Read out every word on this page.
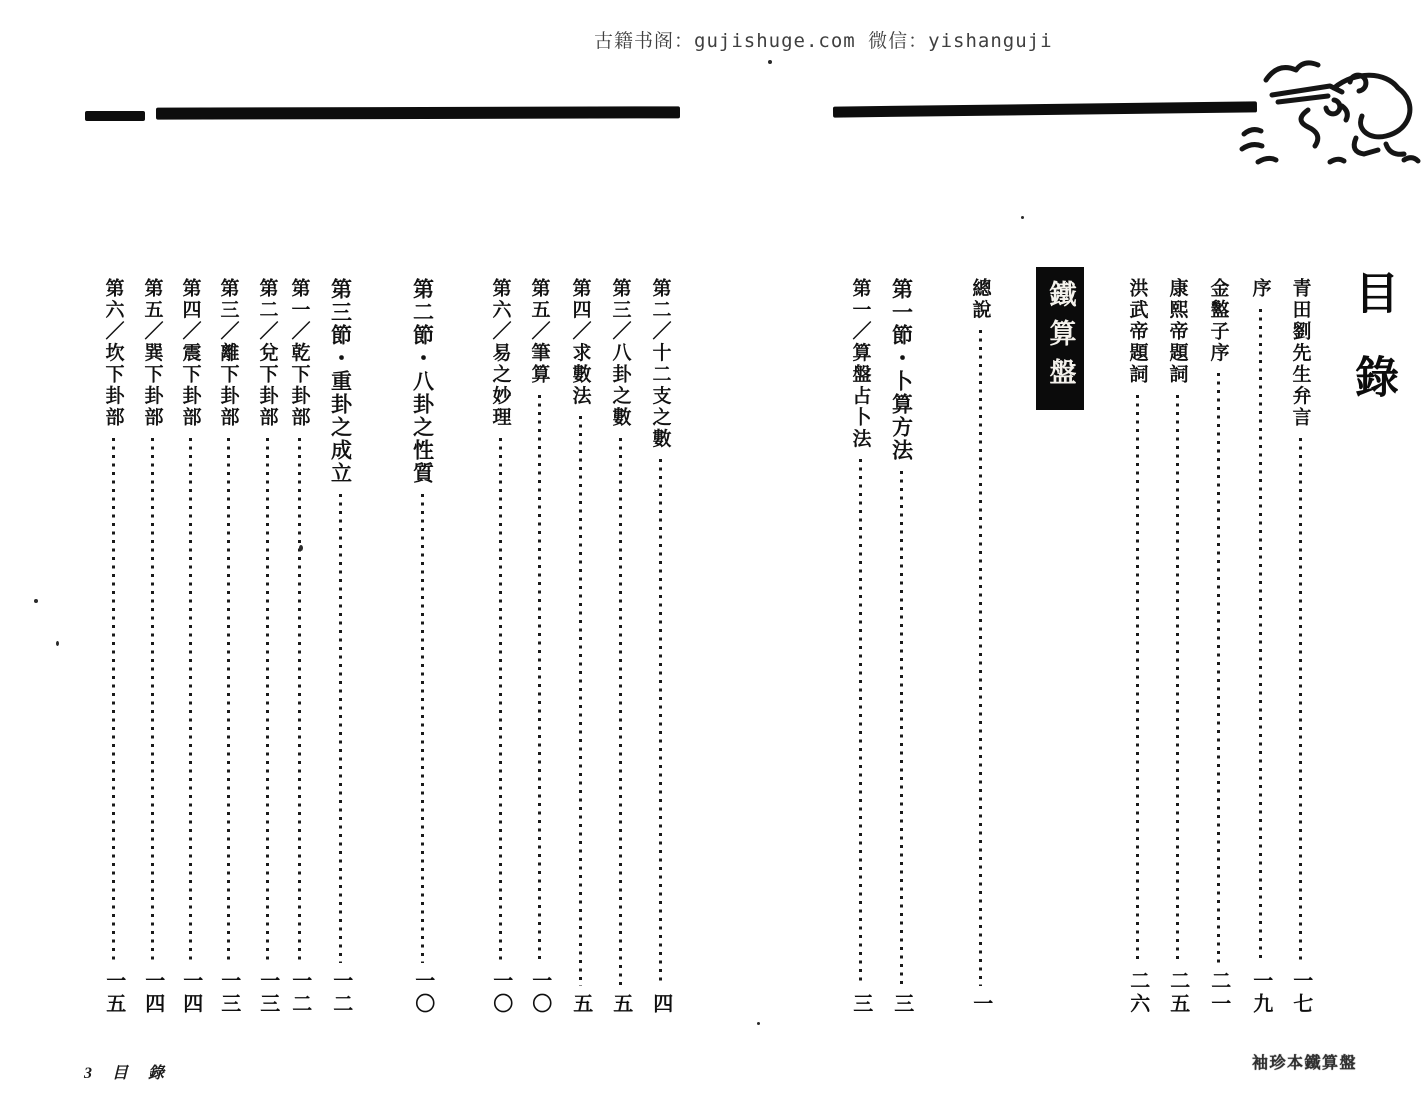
古籍书阁：gujishuge.com 微信：yishanguji
目錄
鐵算盤	青田劉先生弁言
一七
序
一九
金盭子序
二一
康熙帝題詞
二五
洪武帝題詞
二六
總說
一
第一節・卜算方法
三
第一／算盤占卜法
三
第二／十二支之數
四
第三／八卦之數
五
第四／求數法
五
第五／筆算
一〇
第六／易之妙理
一〇
第二節・八卦之性質
一〇
第三節・重卦之成立
一二
第一／乾下卦部
一二
第二／兌下卦部
一三
第三／離下卦部
一三
第四／震下卦部
一四
第五／巽下卦部
一四
第六／坎下卦部
一五
3 目 錄
袖珍本鐵算盤
